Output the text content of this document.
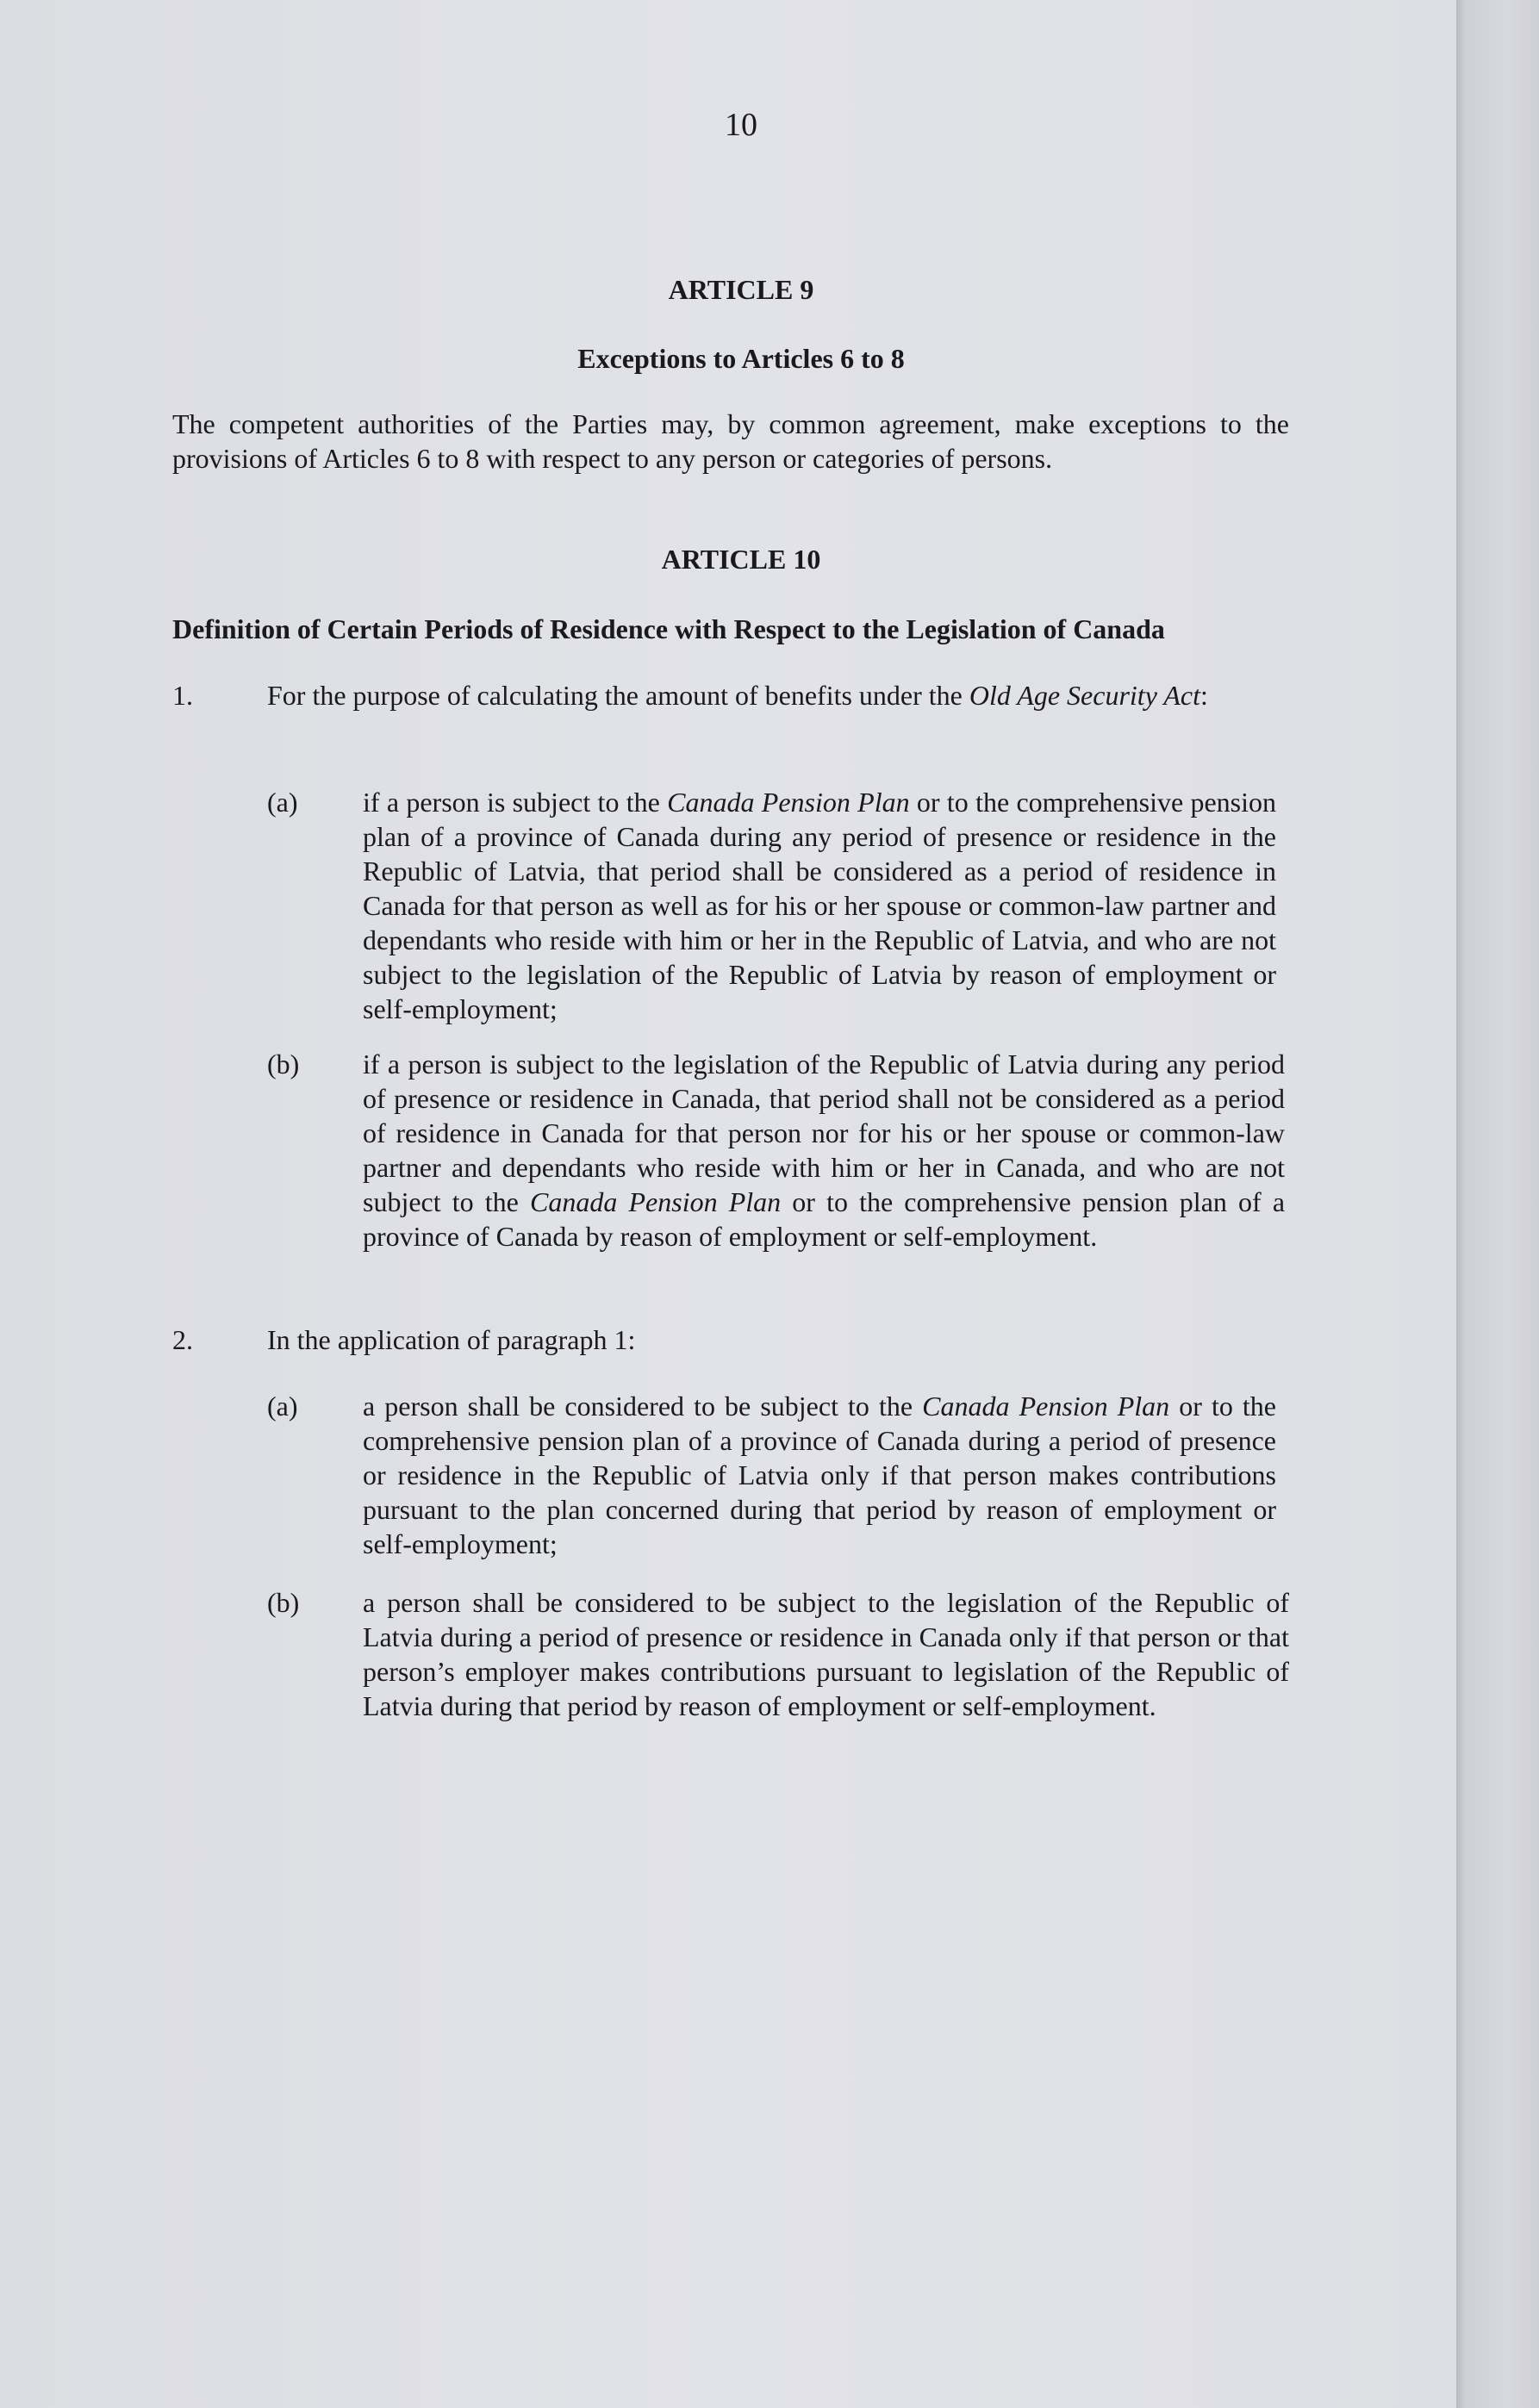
10
ARTICLE 9
Exceptions to Articles 6 to 8
The competent authorities of the Parties may, by common agreement, make exceptions to the provisions of Articles 6 to 8 with respect to any person or categories of persons.
ARTICLE 10
Definition of Certain Periods of Residence with Respect to the Legislation of Canada
1.	For the purpose of calculating the amount of benefits under the Old Age Security Act:
(a)	if a person is subject to the Canada Pension Plan or to the comprehensive pension plan of a province of Canada during any period of presence or residence in the Republic of Latvia, that period shall be considered as a period of residence in Canada for that person as well as for his or her spouse or common-law partner and dependants who reside with him or her in the Republic of Latvia, and who are not subject to the legislation of the Republic of Latvia by reason of employment or self-employment;
(b)	if a person is subject to the legislation of the Republic of Latvia during any period of presence or residence in Canada, that period shall not be considered as a period of residence in Canada for that person nor for his or her spouse or common-law partner and dependants who reside with him or her in Canada, and who are not subject to the Canada Pension Plan or to the comprehensive pension plan of a province of Canada by reason of employment or self-employment.
2.	In the application of paragraph 1:
(a)	a person shall be considered to be subject to the Canada Pension Plan or to the comprehensive pension plan of a province of Canada during a period of presence or residence in the Republic of Latvia only if that person makes contributions pursuant to the plan concerned during that period by reason of employment or self-employment;
(b)	a person shall be considered to be subject to the legislation of the Republic of Latvia during a period of presence or residence in Canada only if that person or that person’s employer makes contributions pursuant to legislation of the Republic of Latvia during that period by reason of employment or self-employment.
